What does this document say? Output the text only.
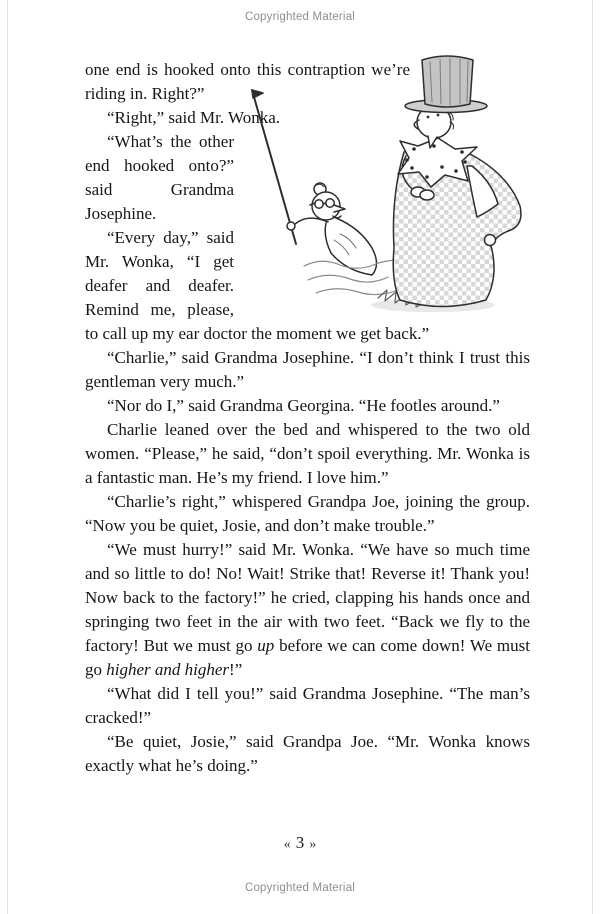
Copyrighted Material

one end is hooked onto this contraption we’re riding in. Right?”

“Right,” said Mr. Wonka.

“What’s the other end hooked onto?” said Grandma Josephine.

“Every day,” said Mr. Wonka, “I get deafer and deafer. Remind me, please, to call up my ear doctor the moment we get back.”

“Charlie,” said Grandma Josephine. “I don’t think I trust this gentleman very much.”

“Nor do I,” said Grandma Georgina. “He footles around.”

Charlie leaned over the bed and whispered to the two old women. “Please,” he said, “don’t spoil everything. Mr. Wonka is a fantastic man. He’s my friend. I love him.”

“Charlie’s right,” whispered Grandpa Joe, joining the group. “Now you be quiet, Josie, and don’t make trouble.”

“We must hurry!” said Mr. Wonka. “We have so much time and so little to do! No! Wait! Strike that! Reverse it! Thank you! Now back to the factory!” he cried, clapping his hands once and springing two feet in the air with two feet. “Back we fly to the factory! But we must go up before we can come down! We must go higher and higher!”

“What did I tell you!” said Grandma Josephine. “The man’s cracked!”

“Be quiet, Josie,” said Grandpa Joe. “Mr. Wonka knows exactly what he’s doing.”

« 3 »
Copyrighted Material
